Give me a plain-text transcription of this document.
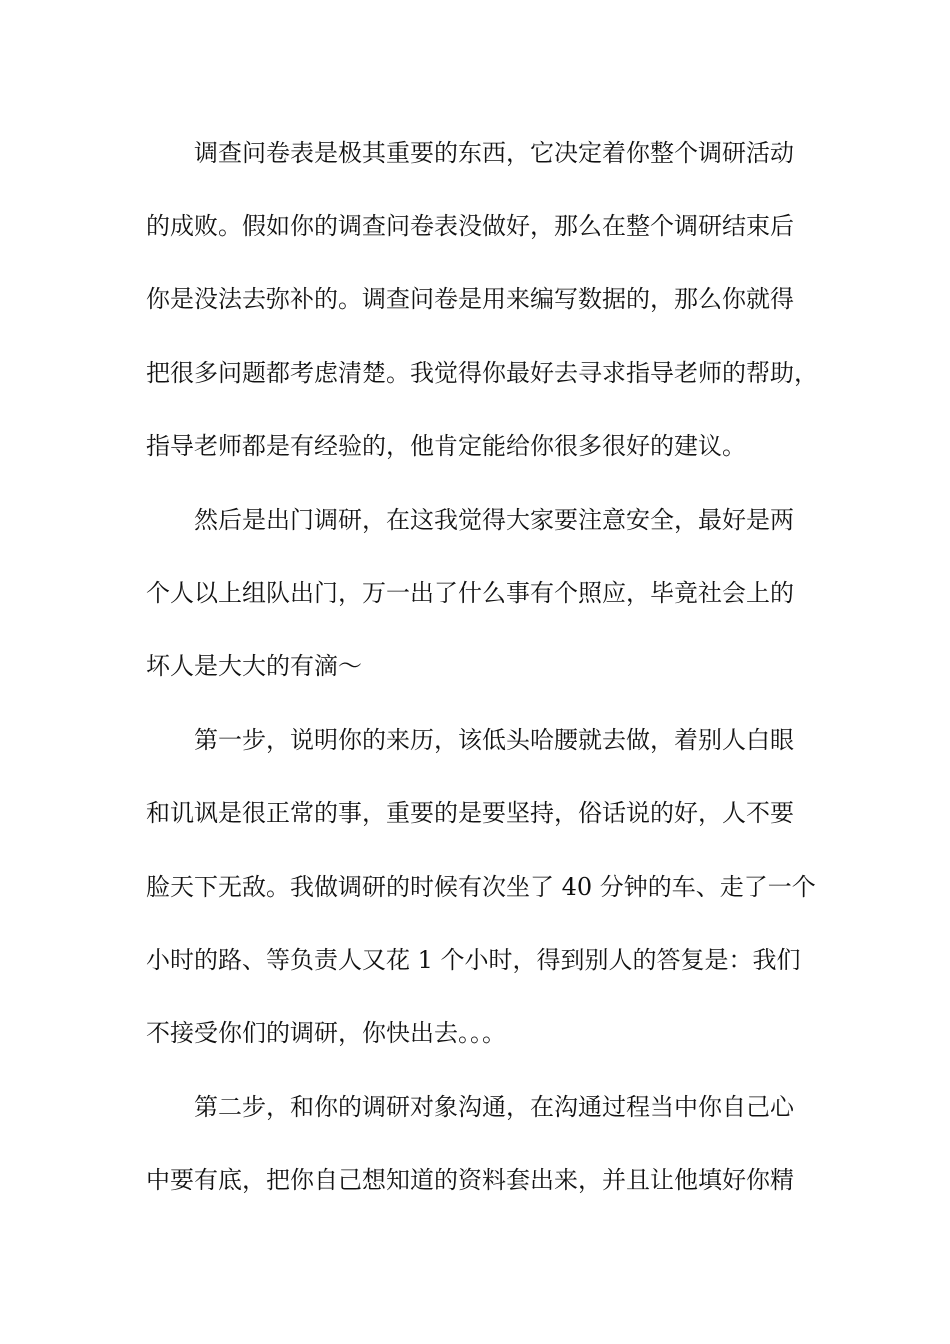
调查问卷表是极其重要的东西，它决定着你整个调研活动
的成败。假如你的调查问卷表没做好，那么在整个调研结束后
你是没法去弥补的。调查问卷是用来编写数据的，那么你就得
把很多问题都考虑清楚。我觉得你最好去寻求指导老师的帮助，
指导老师都是有经验的，他肯定能给你很多很好的建议。
然后是出门调研，在这我觉得大家要注意安全，最好是两
个人以上组队出门，万一出了什么事有个照应，毕竟社会上的
坏人是大大的有滴～
第一步，说明你的来历，该低头哈腰就去做，着别人白眼
和讥讽是很正常的事，重要的是要坚持，俗话说的好，人不要
脸天下无敌。我做调研的时候有次坐了 40 分钟的车、走了一个
小时的路、等负责人又花 1 个小时，得到别人的答复是：我们
不接受你们的调研，你快出去。。。
第二步，和你的调研对象沟通，在沟通过程当中你自己心
中要有底，把你自己想知道的资料套出来，并且让他填好你精
